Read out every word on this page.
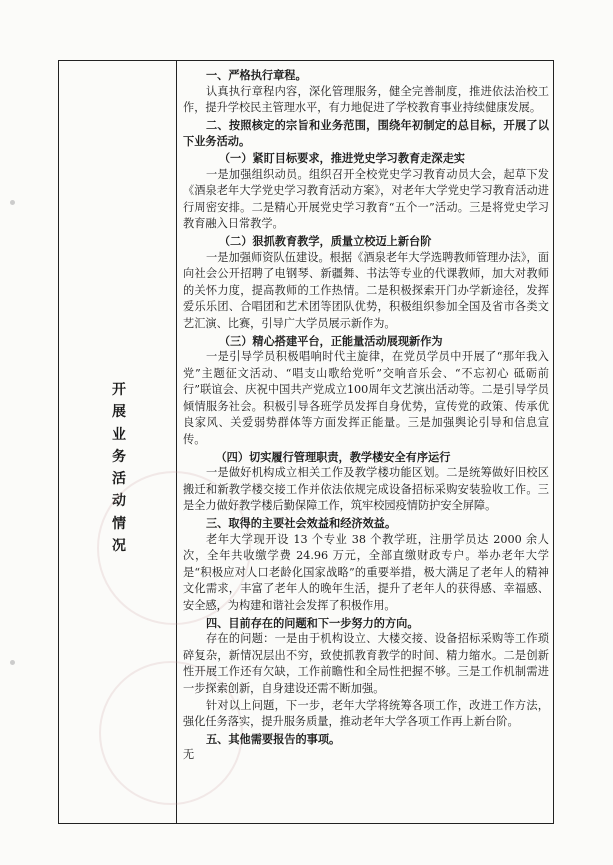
开展业务活动情况

一、严格执行章程。

认真执行章程内容，深化管理服务，健全完善制度，推进依法治校工作，提升学校民主管理水平，有力地促进了学校教育事业持续健康发展。

二、按照核定的宗旨和业务范围，围绕年初制定的总目标，开展了以下业务活动。

（一）紧盯目标要求，推进党史学习教育走深走实

一是加强组织动员。组织召开全校党史学习教育动员大会，起草下发《酒泉老年大学党史学习教育活动方案》，对老年大学党史学习教育活动进行周密安排。二是精心开展党史学习教育“五个一”活动。三是将党史学习教育融入日常教学。

（二）狠抓教育教学，质量立校迈上新台阶

一是加强师资队伍建设。根据《酒泉老年大学选聘教师管理办法》，面向社会公开招聘了电钢琴、新疆舞、书法等专业的代课教师，加大对教师的关怀力度，提高教师的工作热情。二是积极探索开门办学新途径，发挥爱乐乐团、合唱团和艺术团等团队优势，积极组织参加全国及省市各类文艺汇演、比赛，引导广大学员展示新作为。

（三）精心搭建平台，正能量活动展现新作为

一是引导学员积极唱响时代主旋律，在党员学员中开展了“那年我入党”主题征文活动、“唱支山歌给党听”交响音乐会、“不忘初心 砥砺前行”联谊会、庆祝中国共产党成立100周年文艺演出活动等。二是引导学员倾情服务社会。积极引导各班学员发挥自身优势，宣传党的政策、传承优良家风、关爱弱势群体等方面发挥正能量。三是加强舆论引导和信息宣传。

（四）切实履行管理职责，教学楼安全有序运行

一是做好机构成立相关工作及教学楼功能区划。二是统筹做好旧校区搬迁和新教学楼交接工作并依法依规完成设备招标采购安装验收工作。三是全力做好教学楼后勤保障工作，筑牢校园疫情防护安全屏障。

三、取得的主要社会效益和经济效益。

老年大学现开设 13 个专业 38 个教学班，注册学员达 2000 余人次，全年共收缴学费 24.96 万元，全部直缴财政专户。举办老年大学是“积极应对人口老龄化国家战略”的重要举措，极大满足了老年人的精神文化需求，丰富了老年人的晚年生活，提升了老年人的获得感、幸福感、安全感，为构建和谐社会发挥了积极作用。

四、目前存在的问题和下一步努力的方向。

存在的问题：一是由于机构设立、大楼交接、设备招标采购等工作琐碎复杂，新情况层出不穷，致使抓教育教学的时间、精力缩水。二是创新性开展工作还有欠缺，工作前瞻性和全局性把握不够。三是工作机制需进一步探索创新，自身建设还需不断加强。

针对以上问题，下一步，老年大学将统筹各项工作，改进工作方法，强化任务落实，提升服务质量，推动老年大学各项工作再上新台阶。

五、其他需要报告的事项。

无
